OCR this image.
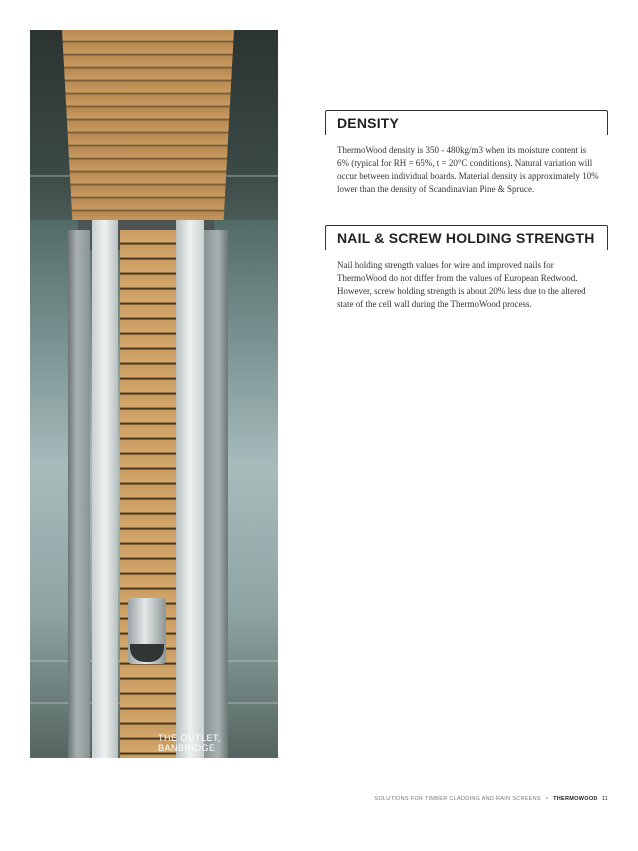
THE OUTLET, BANBRIDGE
DENSITY

ThermoWood density is 350 - 480kg/m3 when its moisture content is 6% (typical for RH = 65%, t = 20°C conditions). Natural variation will occur between individual boards. Material density is approximately 10% lower than the density of Scandinavian Pine & Spruce.

NAIL & SCREW HOLDING STRENGTH

Nail holding strength values for wire and improved nails for ThermoWood do not differ from the values of European Redwood. However, screw holding strength is about 20% less due to the altered state of the cell wall during the ThermoWood process.

SOLUTIONS FOR TIMBER CLADDING AND RAIN SCREENS • THERMOWOOD 11
